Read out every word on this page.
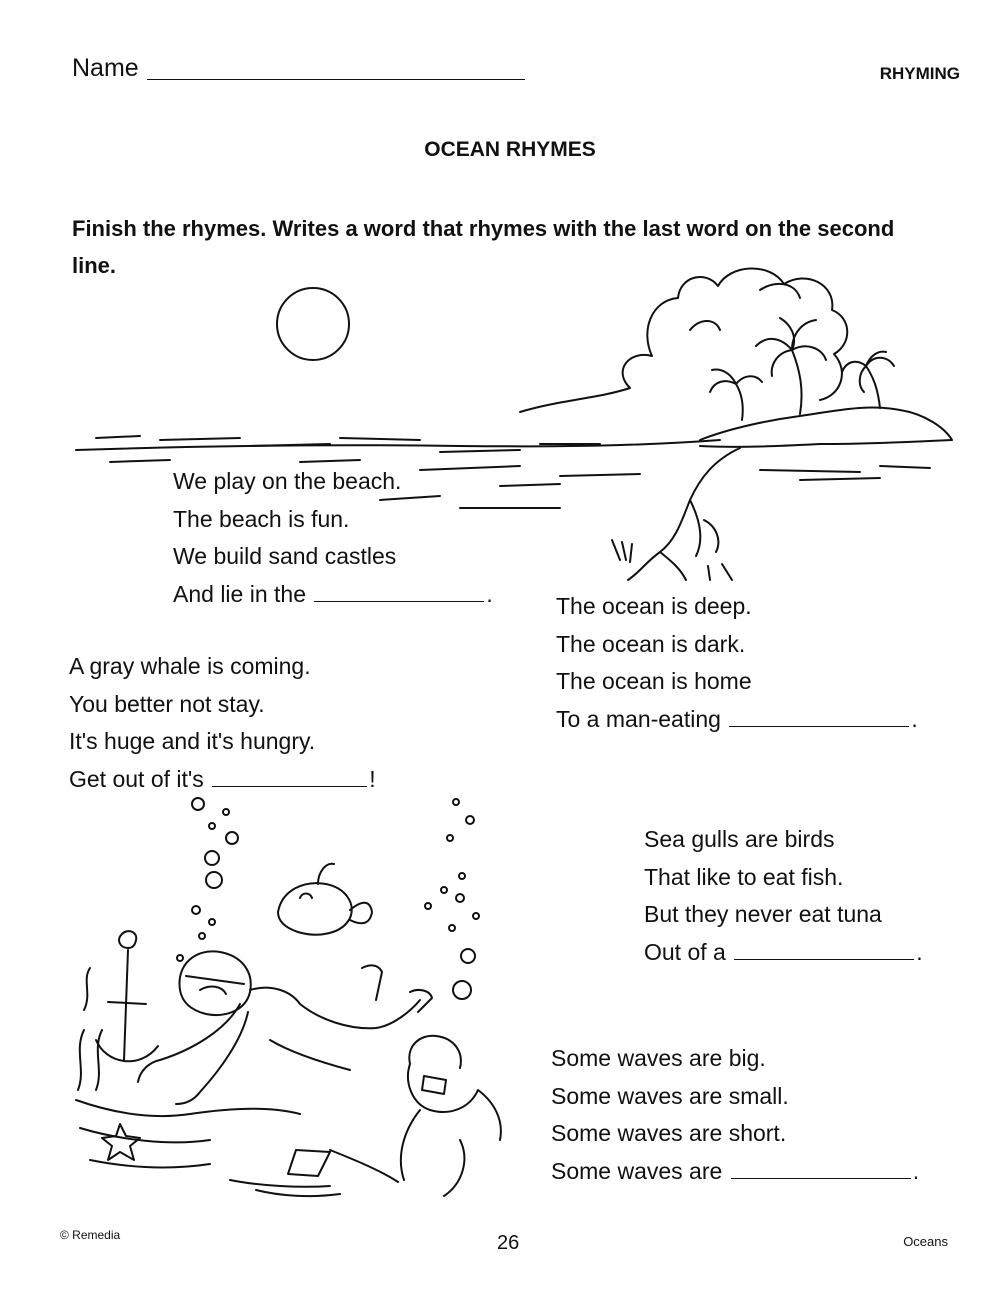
Name	RHYMING
OCEAN RHYMES
Finish the rhymes. Writes a word that rhymes with the last word on the second line.
We play on the beach.
The beach is fun.
We build sand castles
And lie in the	.	The ocean is deep.
The ocean is dark.
The ocean is home
To a man-eating	.
A gray whale is coming.
You better not stay.
It's huge and it's hungry.
Get out of it's	!
Sea gulls are birds
That like to eat fish.
But they never eat tuna
Out of a	.
Some waves are big.
Some waves are small.
Some waves are short.
Some waves are	.
© Remedia	26	Oceans
